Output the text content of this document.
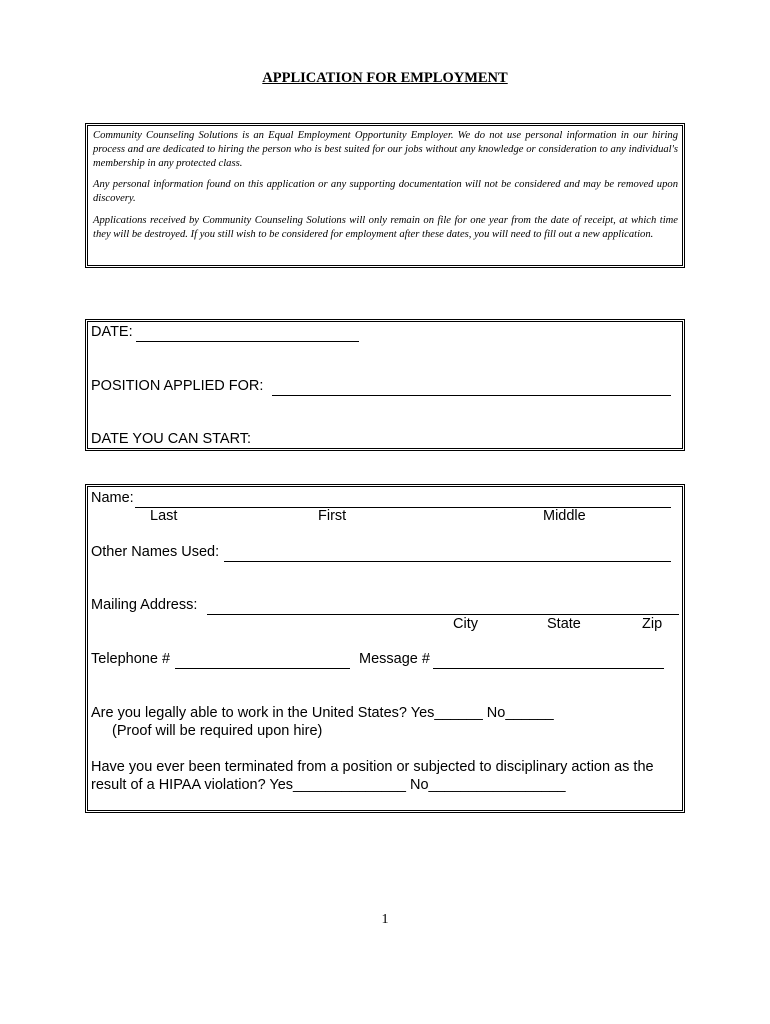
APPLICATION FOR EMPLOYMENT

Community Counseling Solutions is an Equal Employment Opportunity Employer. We do not use personal information in our hiring process and are dedicated to hiring the person who is best suited for our jobs without any knowledge or consideration to any individual's membership in any protected class.

Any personal information found on this application or any supporting documentation will not be considered and may be removed upon discovery.

Applications received by Community Counseling Solutions will only remain on file for one year from the date of receipt, at which time they will be destroyed. If you still wish to be considered for employment after these dates, you will need to fill out a new application.

DATE:
POSITION APPLIED FOR:
DATE YOU CAN START:
Name:
Last	First	Middle
Other Names Used:
Mailing Address:
City	State	Zip
Telephone #	Message #
Are you legally able to work in the United States? Yes______ No______
(Proof will be required upon hire)
Have you ever been terminated from a position or subjected to disciplinary action as the
result of a HIPAA violation? Yes______________ No_________________
1
